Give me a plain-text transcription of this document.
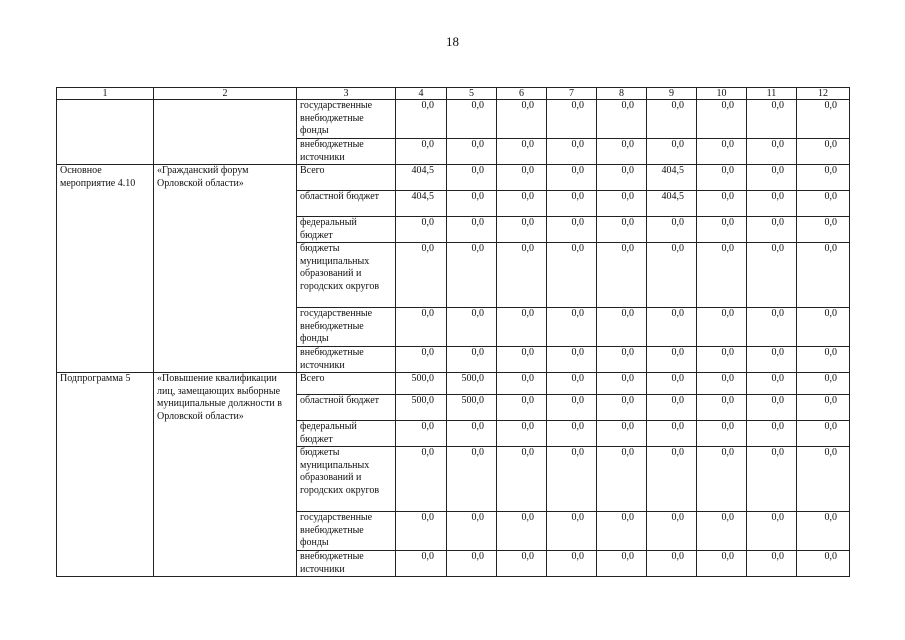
18
1	2	3	4	5	6	7	8	9	10	11	12
		государственные внебюджетные фонды	0,0	0,0	0,0	0,0	0,0	0,0	0,0	0,0	0,0
		внебюджетные источники	0,0	0,0	0,0	0,0	0,0	0,0	0,0	0,0	0,0
Основное мероприятие 4.10	«Гражданский форум Орловской области»	Всего	404,5	0,0	0,0	0,0	0,0	404,5	0,0	0,0	0,0
		областной бюджет	404,5	0,0	0,0	0,0	0,0	404,5	0,0	0,0	0,0
		федеральный бюджет	0,0	0,0	0,0	0,0	0,0	0,0	0,0	0,0	0,0
		бюджеты муниципальных образований и городских округов	0,0	0,0	0,0	0,0	0,0	0,0	0,0	0,0	0,0
		государственные внебюджетные фонды	0,0	0,0	0,0	0,0	0,0	0,0	0,0	0,0	0,0
		внебюджетные источники	0,0	0,0	0,0	0,0	0,0	0,0	0,0	0,0	0,0
Подпрограмма 5	«Повышение квалификации лиц, замещающих выборные муниципальные должности в Орловской области»	Всего	500,0	500,0	0,0	0,0	0,0	0,0	0,0	0,0	0,0
		областной бюджет	500,0	500,0	0,0	0,0	0,0	0,0	0,0	0,0	0,0
		федеральный бюджет	0,0	0,0	0,0	0,0	0,0	0,0	0,0	0,0	0,0
		бюджеты муниципальных образований и городских округов	0,0	0,0	0,0	0,0	0,0	0,0	0,0	0,0	0,0
		государственные внебюджетные фонды	0,0	0,0	0,0	0,0	0,0	0,0	0,0	0,0	0,0
		внебюджетные источники	0,0	0,0	0,0	0,0	0,0	0,0	0,0	0,0	0,0
